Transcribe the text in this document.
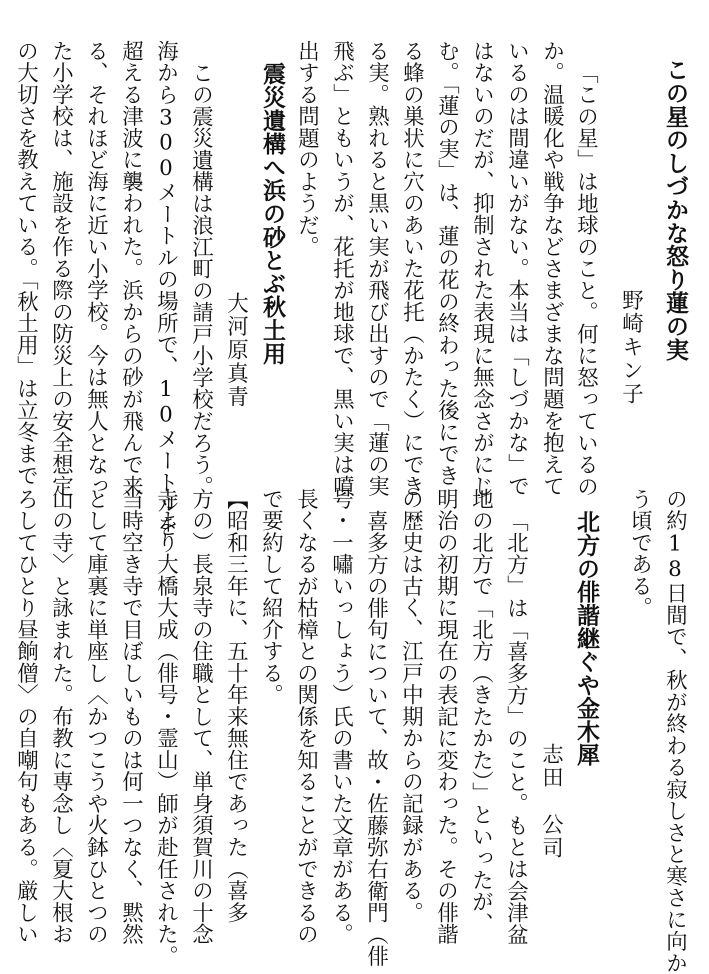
この星のしづかな怒り蓮の実
野崎キン子

「この星」は地球のこと。何に怒っているの

か。温暖化や戦争などさまざまな問題を抱えて

いるのは間違いがない。本当は「しづかな」で

はないのだが、抑制された表現に無念さがにじ

む。「蓮の実」は、蓮の花の終わった後にでき

る蜂の巣状に穴のあいた花托（かたく）にでき

る実。熟れると黒い実が飛び出すので「蓮の実

飛ぶ」ともいうが、花托が地球で、黒い実は噴

出する問題のようだ。

震災遺構へ浜の砂とぶ秋土用
大河原真青

この震災遺構は浪江町の請戸小学校だろう。

海から300メートルの場所で、10メートルを

超える津波に襲われた。浜からの砂が飛んで来

る、それほど海に近い小学校。今は無人となっ

た小学校は、施設を作る際の防災上の安全想定

の大切さを教えている。「秋土用」は立冬まで

の約18日間で、秋が終わる寂しさと寒さに向か

う頃である。

北方の俳諧継ぐや金木犀
志田　公司

「北方」は「喜多方」のこと。もとは会津盆

地の北方で「北方（きたかた）」といったが、

明治の初期に現在の表記に変わった。その俳諧

の歴史は古く、江戸中期からの記録がある。

喜多方の俳句について、故・佐藤弥右衛門（俳

号・一嘯いっしょう）氏の書いた文章がある。

長くなるが枯樟との関係を知ることができるの

で要約して紹介する。

【昭和三年に、五十年来無住であった（喜多

方の）長泉寺の住職として、単身須賀川の十念

寺より大橋大成（俳号・霊山）師が赴任された。

当時空き寺で目ぼしいものは何一つなく、黙然

として庫裏に単座し〈かつこうや火鉢ひとつの

山の寺〉と詠まれた。布教に専念し〈夏大根お

ろしてひとり昼餉僧〉の自嘲句もある。厳しい
